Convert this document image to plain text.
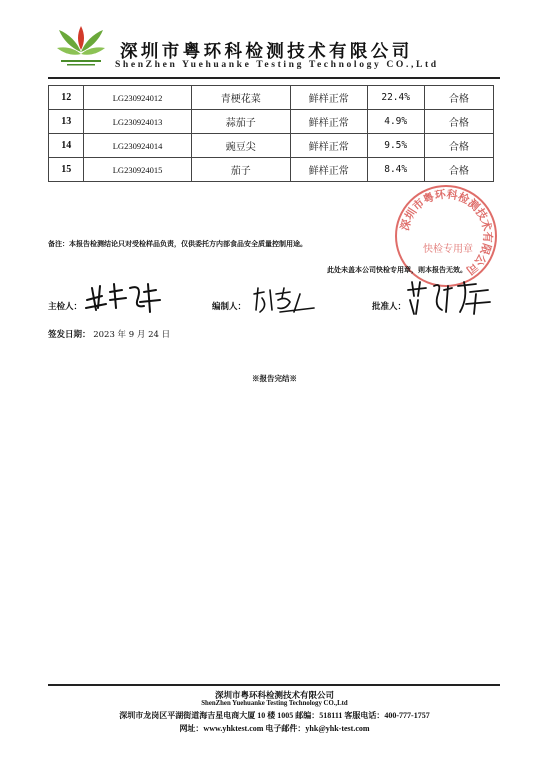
深圳市粤环科检测技术有限公司
ShenZhen Yuehuanke Testing Technology CO.,Ltd
12	LG230924012	青梗花菜	鲜样正常	22.4%	合格
13	LG230924013	蒜茄子	鲜样正常	4.9%	合格
14	LG230924014	豌豆尖	鲜样正常	9.5%	合格
15	LG230924015	茄子	鲜样正常	8.4%	合格
深圳市粤环科检测技术有限公司
快检专用章
备注：本报告检测结论只对受检样品负责，仅供委托方内部食品安全质量控制用途。
此处未盖本公司快检专用章，则本报告无效。
主检人：	编制人：	批准人：
签发日期： 2023 年 9 月 24 日
※报告完结※
深圳市粤环科检测技术有限公司
ShenZhen Yuehuanke Testing Technology CO.,Ltd
深圳市龙岗区平湖街道海吉星电商大厦 10 楼 1005 邮编：518111 客服电话：400-777-1757
网址：www.yhktest.com 电子邮件：yhk@yhk-test.com
